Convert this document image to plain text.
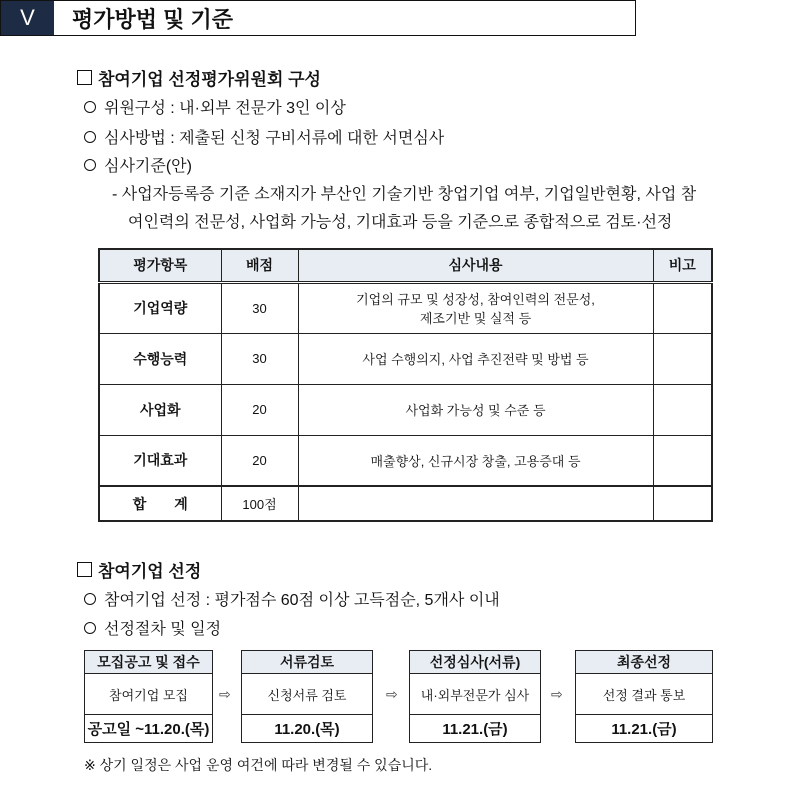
V	평가방법 및 기준
참여기업 선정평가위원회 구성
위원구성 : 내·외부 전문가 3인 이상
심사방법 : 제출된 신청 구비서류에 대한 서면심사
심사기준(안)
- 사업자등록증 기준 소재지가 부산인 기술기반 창업기업 여부, 기업일반현황, 사업 참
여인력의 전문성, 사업화 가능성, 기대효과 등을 기준으로 종합적으로 검토·선정
평가항목	배점	심사내용	비고
기업역량	30	기업의 규모 및 성장성, 참여인력의 전문성,
제조기반 및 실적 등	

수행능력	30	사업 수행의지, 사업 추진전략 및 방법 등	
사업화	20	사업화 가능성 및 수준 등	
기대효과	20	매출향상, 신규시장 창출, 고용증대 등	
합　　계	100점		
참여기업 선정
참여기업 선정 : 평가점수 60점 이상 고득점순, 5개사 이내
선정절차 및 일정
모집공고 및 접수
참여기업 모집
공고일 ~11.20.(목)
⇨
서류검토
신청서류 검토
11.20.(목)
⇨
선정심사(서류)
내·외부전문가 심사
11.21.(금)
⇨
최종선정
선정 결과 통보
11.21.(금)
※ 상기 일정은 사업 운영 여건에 따라 변경될 수 있습니다.
